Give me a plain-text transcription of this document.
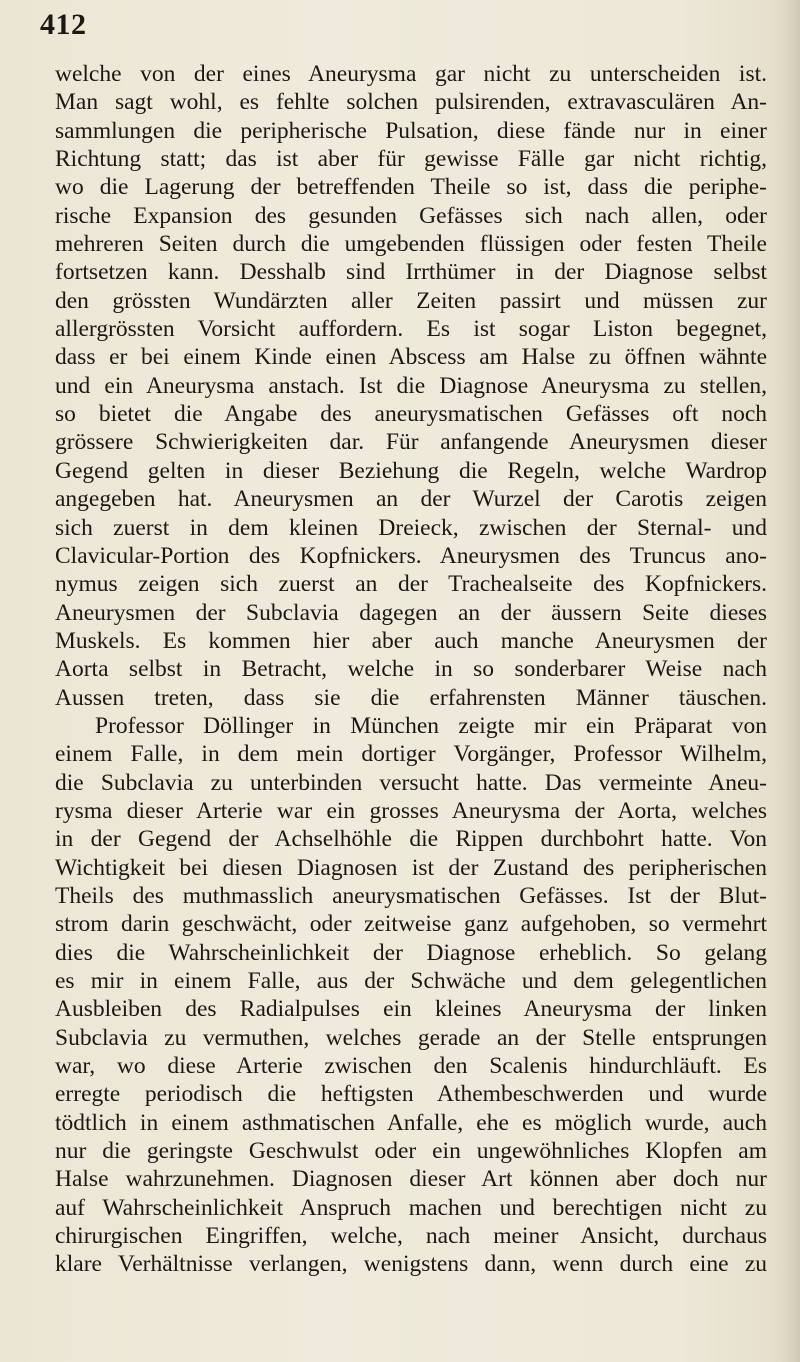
412
welche von der eines Aneurysma gar nicht zu unterscheiden ist.
Man sagt wohl, es fehlte solchen pulsirenden, extravasculären An-
sammlungen die peripherische Pulsation, diese fände nur in einer
Richtung statt; das ist aber für gewisse Fälle gar nicht richtig,
wo die Lagerung der betreffenden Theile so ist, dass die periphe-
rische Expansion des gesunden Gefässes sich nach allen, oder
mehreren Seiten durch die umgebenden flüssigen oder festen Theile
fortsetzen kann. Desshalb sind Irrthümer in der Diagnose selbst
den grössten Wundärzten aller Zeiten passirt und müssen zur
allergrössten Vorsicht auffordern. Es ist sogar Liston begegnet,
dass er bei einem Kinde einen Abscess am Halse zu öffnen wähnte
und ein Aneurysma anstach. Ist die Diagnose Aneurysma zu stellen,
so bietet die Angabe des aneurysmatischen Gefässes oft noch
grössere Schwierigkeiten dar. Für anfangende Aneurysmen dieser
Gegend gelten in dieser Beziehung die Regeln, welche Wardrop
angegeben hat. Aneurysmen an der Wurzel der Carotis zeigen
sich zuerst in dem kleinen Dreieck, zwischen der Sternal- und
Clavicular-Portion des Kopfnickers. Aneurysmen des Truncus ano-
nymus zeigen sich zuerst an der Trachealseite des Kopfnickers.
Aneurysmen der Subclavia dagegen an der äussern Seite dieses
Muskels. Es kommen hier aber auch manche Aneurysmen der
Aorta selbst in Betracht, welche in so sonderbarer Weise nach
Aussen treten, dass sie die erfahrensten Männer täuschen.
Professor Döllinger in München zeigte mir ein Präparat von
einem Falle, in dem mein dortiger Vorgänger, Professor Wilhelm,
die Subclavia zu unterbinden versucht hatte. Das vermeinte Aneu-
rysma dieser Arterie war ein grosses Aneurysma der Aorta, welches
in der Gegend der Achselhöhle die Rippen durchbohrt hatte. Von
Wichtigkeit bei diesen Diagnosen ist der Zustand des peripherischen
Theils des muthmasslich aneurysmatischen Gefässes. Ist der Blut-
strom darin geschwächt, oder zeitweise ganz aufgehoben, so vermehrt
dies die Wahrscheinlichkeit der Diagnose erheblich. So gelang
es mir in einem Falle, aus der Schwäche und dem gelegentlichen
Ausbleiben des Radialpulses ein kleines Aneurysma der linken
Subclavia zu vermuthen, welches gerade an der Stelle entsprungen
war, wo diese Arterie zwischen den Scalenis hindurchläuft. Es
erregte periodisch die heftigsten Athembeschwerden und wurde
tödtlich in einem asthmatischen Anfalle, ehe es möglich wurde, auch
nur die geringste Geschwulst oder ein ungewöhnliches Klopfen am
Halse wahrzunehmen. Diagnosen dieser Art können aber doch nur
auf Wahrscheinlichkeit Anspruch machen und berechtigen nicht zu
chirurgischen Eingriffen, welche, nach meiner Ansicht, durchaus
klare Verhältnisse verlangen, wenigstens dann, wenn durch eine zu
